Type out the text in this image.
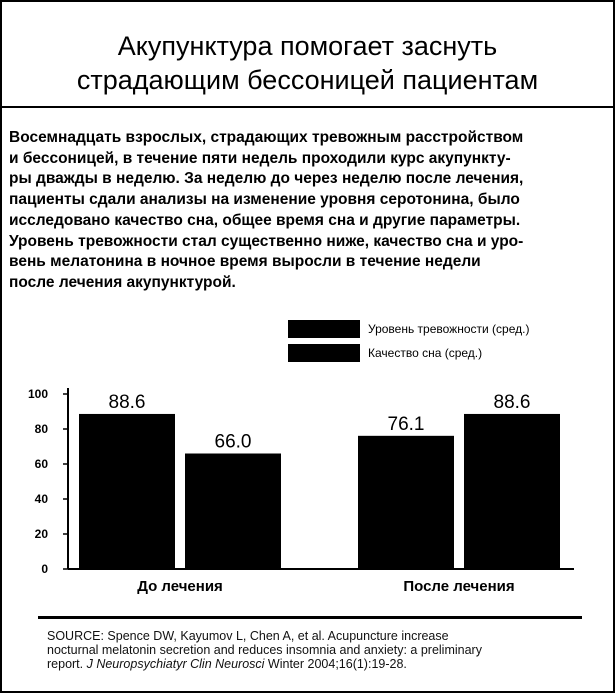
Акупунктура помогает заснуть
страдающим бессоницей пациентам
Восемнадцать взрослых, страдающих тревожным расстройством
и бессоницей, в течение пяти недель проходили курс акупункту-
ры дважды в неделю. За неделю до через неделю после лечения,
пациенты сдали анализы на изменение уровня серотонина, было
исследовано качество сна, общее время сна и другие параметры.
Уровень тревожности стал существенно ниже, качество сна и уро-
вень мелатонина в ночное время выросли в течение недели
после лечения акупунктурой.
Уровень тревожности (сред.)
Качество сна (сред.)
0
20
40
60
80
100	88.6
66.0
До лечения
76.1
88.6
После лечения
SOURCE: Spence DW, Kayumov L, Chen A, et al. Acupuncture increase
nocturnal melatonin secretion and reduces insomnia and anxiety: a preliminary
report. J Neuropsychiatyr Clin Neurosci Winter 2004;16(1):19-28.
